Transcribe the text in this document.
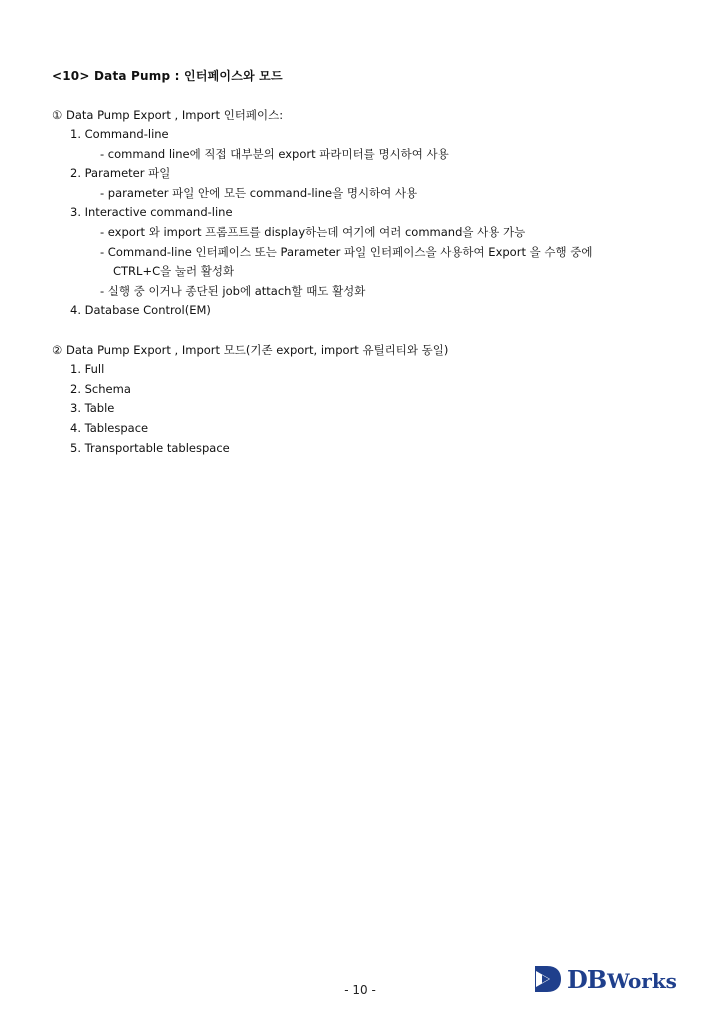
<10> Data Pump : 인터페이스와 모드
① Data Pump Export , Import 인터페이스:
1. Command-line
- command line에 직접 대부분의 export 파라미터를 명시하여 사용
2. Parameter 파일
- parameter 파일 안에 모든 command-line을 명시하여 사용
3. Interactive command-line
- export 와 import 프롬프트를 display하는데 여기에 여러 command을 사용 가능
- Command-line 인터페이스 또는 Parameter 파일 인터페이스을 사용하여 Export 을 수행 중에
CTRL+C을 눌러 활성화
- 실행 중 이거나 종단된 job에 attach할 때도 활성화
4. Database Control(EM)
② Data Pump Export , Import 모드(기존 export, import 유틸리티와 동일)
1. Full
2. Schema
3. Table
4. Tablespace
5. Transportable tablespace
- 10 -	DB Works
